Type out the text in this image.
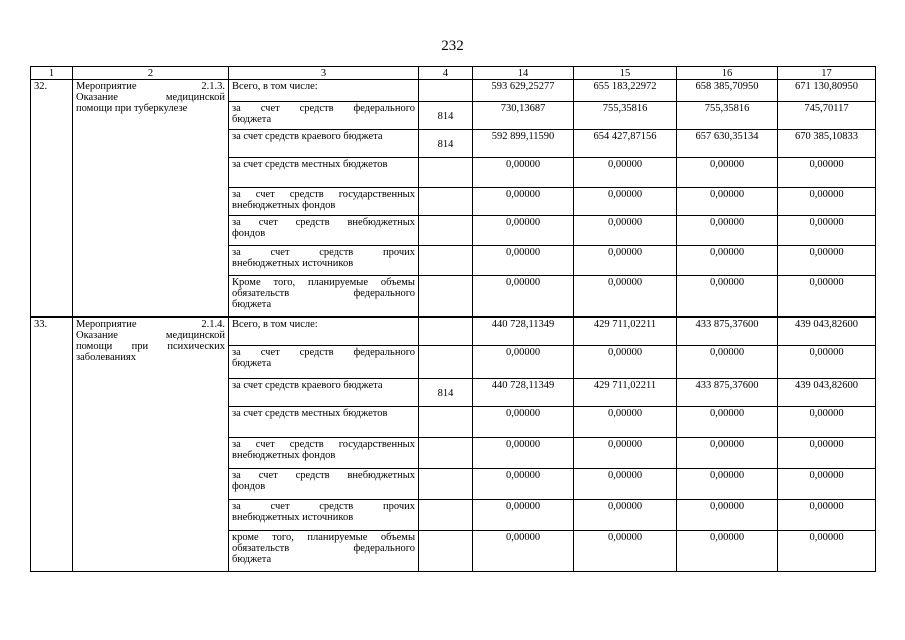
232
1	2	3	4	14	15	16	17
32.	Мероприятие 2.1.3.
Оказание медицинской
помощи при туберкулезе	Всего, в том числе:		593 629,25277	655 183,22972	658 385,70950	671 130,80950

		за счет средств федерального
бюджета	814	730,13687	755,35816	755,35816	745,70117

		за счет средств краевого бюджета	814	592 899,11590	654 427,87156	657 630,35134	670 385,10833

		за счет средств местных бюджетов		0,00000	0,00000	0,00000	0,00000

		за счет средств государственных
внебюджетных фондов		0,00000	0,00000	0,00000	0,00000

		за счет средств внебюджетных
фондов		0,00000	0,00000	0,00000	0,00000

		за счет средств прочих
внебюджетных источников		0,00000	0,00000	0,00000	0,00000

		Кроме того, планируемые объемы
обязательств федерального
бюджета		0,00000	0,00000	0,00000	0,00000
33.	Мероприятие 2.1.4.
Оказание медицинской
помощи при психических
заболеваниях	Всего, в том числе:		440 728,11349	429 711,02211	433 875,37600	439 043,82600

		за счет средств федерального
бюджета		0,00000	0,00000	0,00000	0,00000

		за счет средств краевого бюджета	814	440 728,11349	429 711,02211	433 875,37600	439 043,82600

		за счет средств местных бюджетов		0,00000	0,00000	0,00000	0,00000

		за счет средств государственных
внебюджетных фондов		0,00000	0,00000	0,00000	0,00000

		за счет средств внебюджетных
фондов		0,00000	0,00000	0,00000	0,00000

		за счет средств прочих
внебюджетных источников		0,00000	0,00000	0,00000	0,00000

		кроме того, планируемые объемы
обязательств федерального
бюджета		0,00000	0,00000	0,00000	0,00000
